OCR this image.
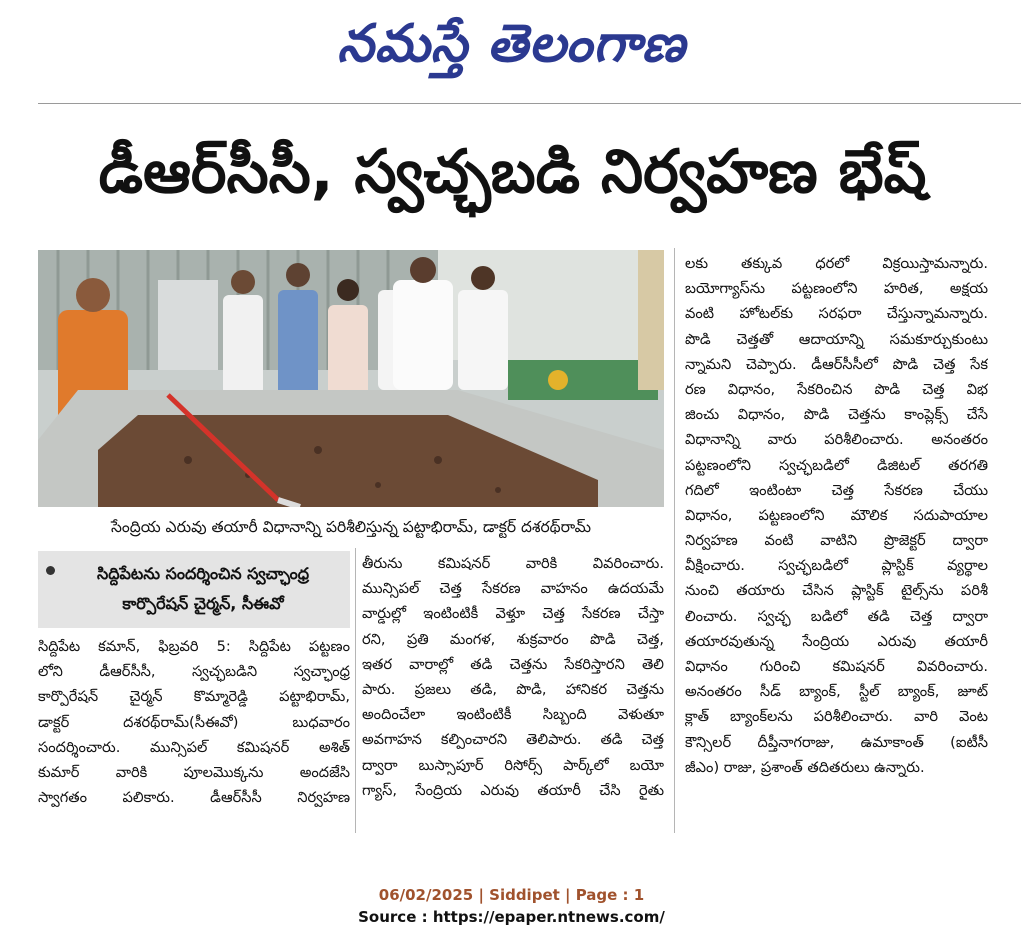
నమస్తే తెలంగాణ
డీఆర్‌సీసీ, స్వచ్ఛబడి నిర్వహణ భేష్
సేంద్రియ ఎరువు తయారీ విధానాన్ని పరిశీలిస్తున్న పట్టాభిరామ్, డాక్టర్ దశరథ్‌రామ్
సిద్దిపేటను సందర్శించిన స్వచ్ఛాంధ్ర
కార్పొరేషన్ చైర్మన్, సీఈవో
సిద్దిపేట కమాన్, ఫిబ్రవరి 5: సిద్దిపేట పట్టణం
లోని డీఆర్‌సీసీ, స్వచ్ఛబడిని స్వచ్ఛాంధ్ర
కార్పొరేషన్ చైర్మన్ కొమ్మారెడ్డి పట్టాభిరామ్,
డాక్టర్ దశరథ్‌రామ్(సీఈవో) బుధవారం
సందర్శించారు. మున్సిపల్ కమిషనర్ అశిత్
కుమార్ వారికి పూలమొక్కను అందజేసి
స్వాగతం పలికారు. డీఆర్‌సీసీ నిర్వహణ
తీరును కమిషనర్ వారికి వివరించారు.
మున్సిపల్ చెత్త సేకరణ వాహనం ఉదయమే
వార్డుల్లో ఇంటింటికీ వెళ్తూ చెత్త సేకరణ చేస్తా
రని, ప్రతి మంగళ, శుక్రవారం పొడి చెత్త,
ఇతర వారాల్లో తడి చెత్తను సేకరిస్తారని తెలి
పారు. ప్రజలు తడి, పొడి, హానికర చెత్తను
అందించేలా ఇంటింటికీ సిబ్బంది వెళుతూ
అవగాహన కల్పించారని తెలిపారు. తడి చెత్త
ద్వారా బుస్సాపూర్ రిసోర్స్ పార్క్‌లో బయో
గ్యాస్, సేంద్రియ ఎరువు తయారీ చేసి రైతు
లకు తక్కువ ధరలో విక్రయిస్తామన్నారు.
బయోగ్యాస్‌ను పట్టణంలోని హరిత, అక్షయ
వంటి హోటల్‌కు సరఫరా చేస్తున్నామన్నారు.
పొడి చెత్తతో ఆదాయాన్ని సమకూర్చుకుంటు
న్నామని చెప్పారు. డీఆర్‌సీసీలో పొడి చెత్త సేక
రణ విధానం, సేకరించిన పొడి చెత్త విభ
జించు విధానం, పొడి చెత్తను కాంప్లెక్స్ చేసే
విధానాన్ని వారు పరిశీలించారు. అనంతరం
పట్టణంలోని స్వచ్ఛబడిలో డిజిటల్ తరగతి
గదిలో ఇంటింటా చెత్త సేకరణ చేయు
విధానం, పట్టణంలోని మౌలిక సదుపాయాల
నిర్వహణ వంటి వాటిని ప్రొజెక్టర్ ద్వారా
వీక్షించారు. స్వచ్ఛబడిలో ప్లాస్టిక్ వ్యర్థాల
నుంచి తయారు చేసిన ప్లాస్టిక్ టైల్స్‌ను పరిశీ
లించారు. స్వచ్ఛ బడిలో తడి చెత్త ద్వారా
తయారవుతున్న సేంద్రియ ఎరువు తయారీ
విధానం గురించి కమిషనర్ వివరించారు.
అనంతరం సీడ్ బ్యాంక్, స్టీల్ బ్యాంక్, జూట్
క్లాత్ బ్యాంక్‌లను పరిశీలించారు. వారి వెంట
కౌన్సిలర్ దీప్తీనాగరాజు, ఉమాకాంత్ (ఐటీసీ
జీఎం) రాజు, ప్రశాంత్ తదితరులు ఉన్నారు.
06/02/2025 | Siddipet | Page : 1
Source : https://epaper.ntnews.com/
